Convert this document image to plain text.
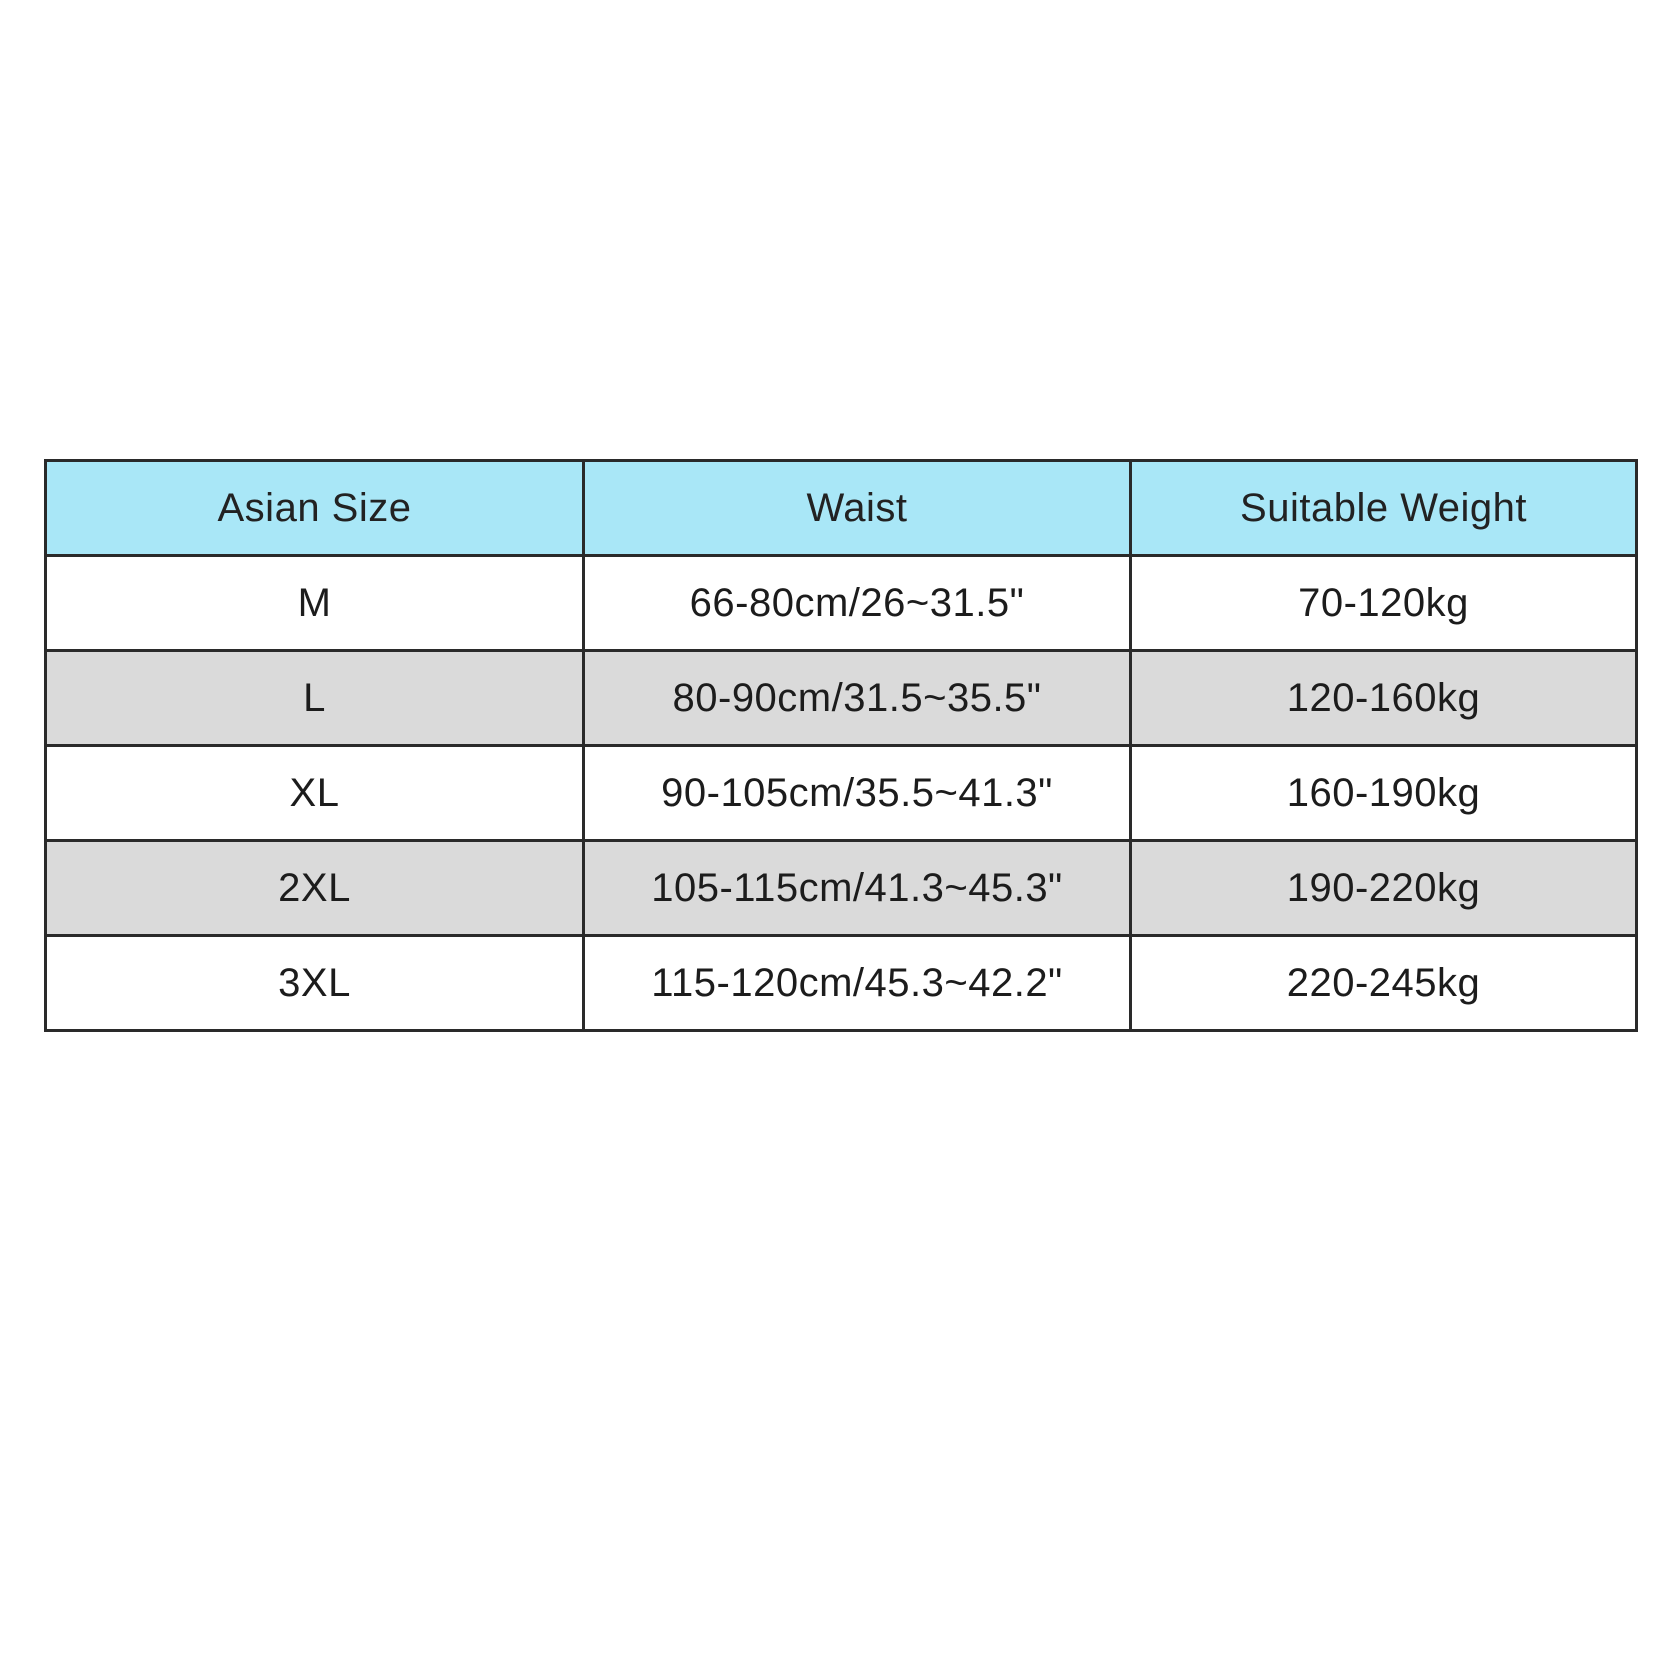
Asian Size	Waist	Suitable Weight
M	66-80cm/26~31.5"	70-120kg
L	80-90cm/31.5~35.5"	120-160kg
XL	90-105cm/35.5~41.3"	160-190kg
2XL	105-115cm/41.3~45.3"	190-220kg
3XL	115-120cm/45.3~42.2"	220-245kg
